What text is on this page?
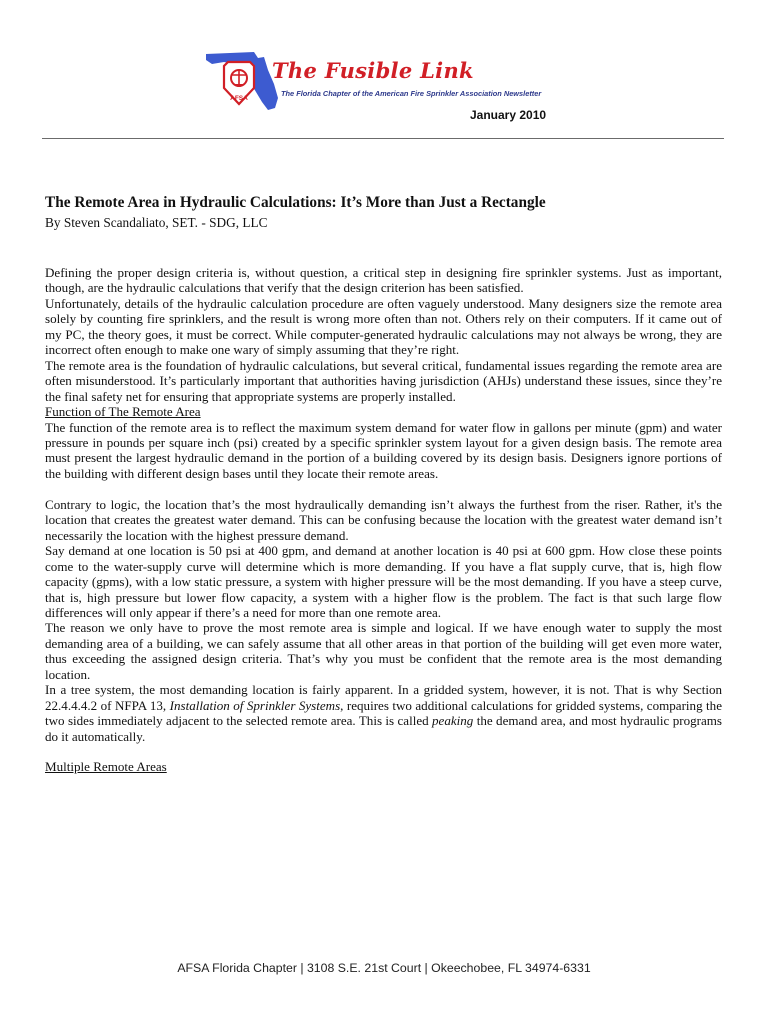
AFSA
The Fusible Link
The Florida Chapter of the American Fire Sprinkler Association Newsletter
January 2010
The Remote Area in Hydraulic Calculations: It’s More than Just a Rectangle
By Steven Scandaliato, SET. - SDG, LLC

Defining the proper design criteria is, without question, a critical step in designing fire sprinkler systems. Just as important, though, are the hydraulic calculations that verify that the design criterion has been satisfied.

Unfortunately, details of the hydraulic calculation procedure are often vaguely understood. Many designers size the remote area solely by counting fire sprinklers, and the result is wrong more often than not. Others rely on their computers. If it came out of my PC, the theory goes, it must be correct. While computer-generated hydraulic calculations may not always be wrong, they are incorrect often enough to make one wary of simply assuming that they’re right.

The remote area is the foundation of hydraulic calculations, but several critical, fundamental issues regarding the remote area are often misunderstood. It’s particularly important that authorities having jurisdiction (AHJs) understand these issues, since they’re the final safety net for ensuring that appropriate systems are properly installed.

Function of The Remote Area

The function of the remote area is to reflect the maximum system demand for water flow in gallons per minute (gpm) and water pressure in pounds per square inch (psi) created by a specific sprinkler system layout for a given design basis. The remote area must present the largest hydraulic demand in the portion of a building covered by its design basis. Designers ignore portions of the building with different design bases until they locate their remote areas.

Contrary to logic, the location that’s the most hydraulically demanding isn’t always the furthest from the riser. Rather, it's the location that creates the greatest water demand. This can be confusing because the location with the greatest water demand isn’t necessarily the location with the highest pressure demand.

Say demand at one location is 50 psi at 400 gpm, and demand at another location is 40 psi at 600 gpm. How close these points come to the water-supply curve will determine which is more demanding. If you have a flat supply curve, that is, high flow capacity (gpms), with a low static pressure, a system with higher pressure will be the most demanding. If you have a steep curve, that is, high pressure but lower flow capacity, a system with a higher flow is the problem. The fact is that such large flow differences will only appear if there’s a need for more than one remote area.

The reason we only have to prove the most remote area is simple and logical. If we have enough water to supply the most demanding area of a building, we can safely assume that all other areas in that portion of the building will get even more water, thus exceeding the assigned design criteria. That’s why you must be confident that the remote area is the most demanding location.

In a tree system, the most demanding location is fairly apparent. In a gridded system, however, it is not. That is why Section 22.4.4.4.2 of NFPA 13, Installation of Sprinkler Systems, requires two additional calculations for gridded systems, comparing the two sides immediately adjacent to the selected remote area. This is called peaking the demand area, and most hydraulic programs do it automatically.

Multiple Remote Areas

AFSA Florida Chapter | 3108 S.E. 21st Court | Okeechobee, FL 34974-6331
